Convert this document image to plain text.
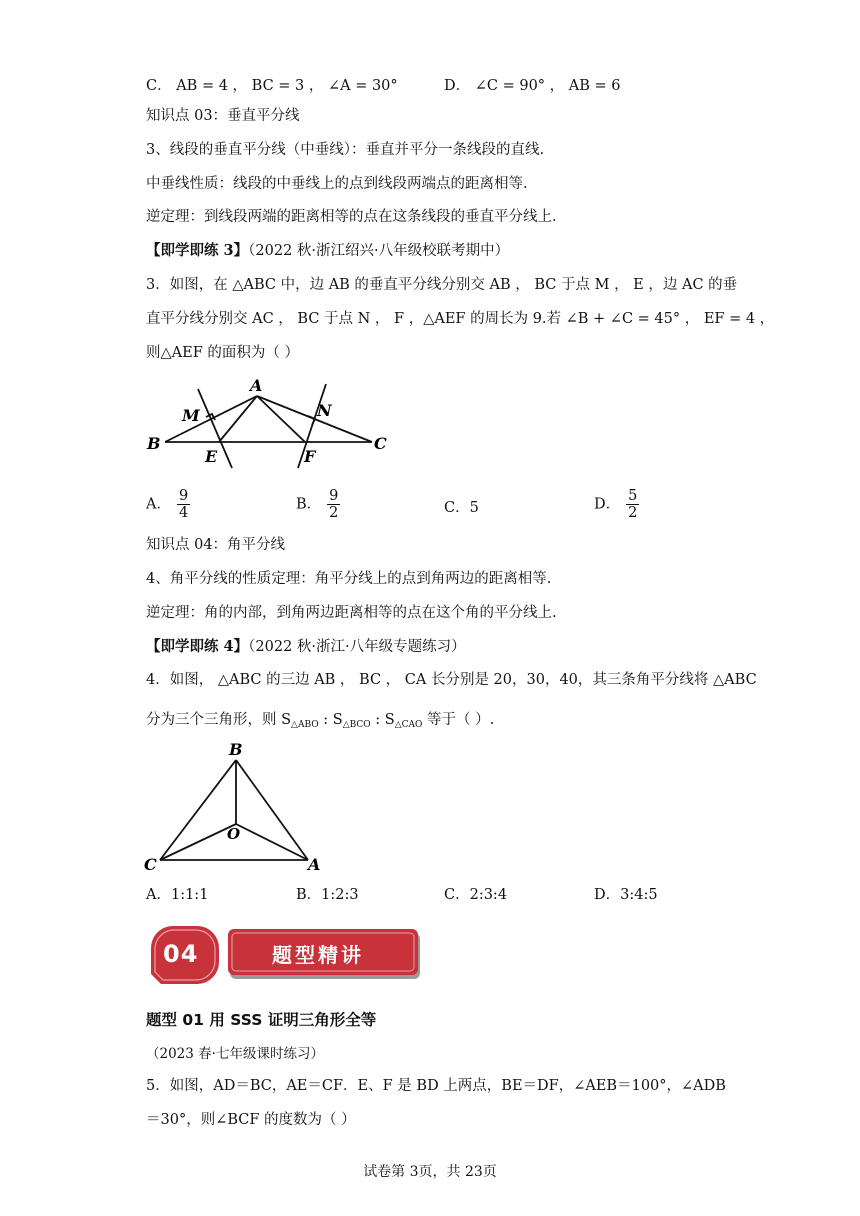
C． AB = 4 ， BC = 3 ， ∠A = 30°	D． ∠C = 90° ， AB = 6
知识点 03：垂直平分线
3、线段的垂直平分线（中垂线）：垂直并平分一条线段的直线.
中垂线性质：线段的中垂线上的点到线段两端点的距离相等.
逆定理：到线段两端的距离相等的点在这条线段的垂直平分线上.
【即学即练 3】（2022 秋·浙江绍兴·八年级校联考期中）
3．如图，在 △ABC 中，边 AB 的垂直平分线分别交 AB ， BC 于点 M ， E ，边 AC 的垂
直平分线分别交 AC ， BC 于点 N ， F ，△AEF 的周长为 9.若 ∠B + ∠C = 45° ， EF = 4 ，
则△AEF 的面积为（ ）
A
B	C
M	N
E	F
A． $\frac{9}{4}$	B． $\frac{9}{2}$	C．5	D． $\frac{5}{2}$
知识点 04：角平分线
4、角平分线的性质定理：角平分线上的点到角两边的距离相等.
逆定理：角的内部，到角两边距离相等的点在这个角的平分线上.
【即学即练 4】（2022 秋·浙江·八年级专题练习）
4．如图， △ABC 的三边 AB ， BC ， CA 长分别是 20，30，40，其三条角平分线将 △ABC
分为三个三角形，则 $S_{\triangle ABO}$ : $S_{\triangle BCO}$ : $S_{\triangle CAO}$ 等于（ ）.
B
O
C	A
A．1:1:1	B．1:2:3	C．2:3:4	D．3:4:5
04	题型精讲
题型 01 用 SSS 证明三角形全等
（2023 春·七年级课时练习）
5．如图，AD＝BC，AE＝CF．E、F 是 BD 上两点，BE＝DF，∠AEB＝100°，∠ADB
＝30°，则∠BCF 的度数为（ ）
试卷第 3页，共 23页
